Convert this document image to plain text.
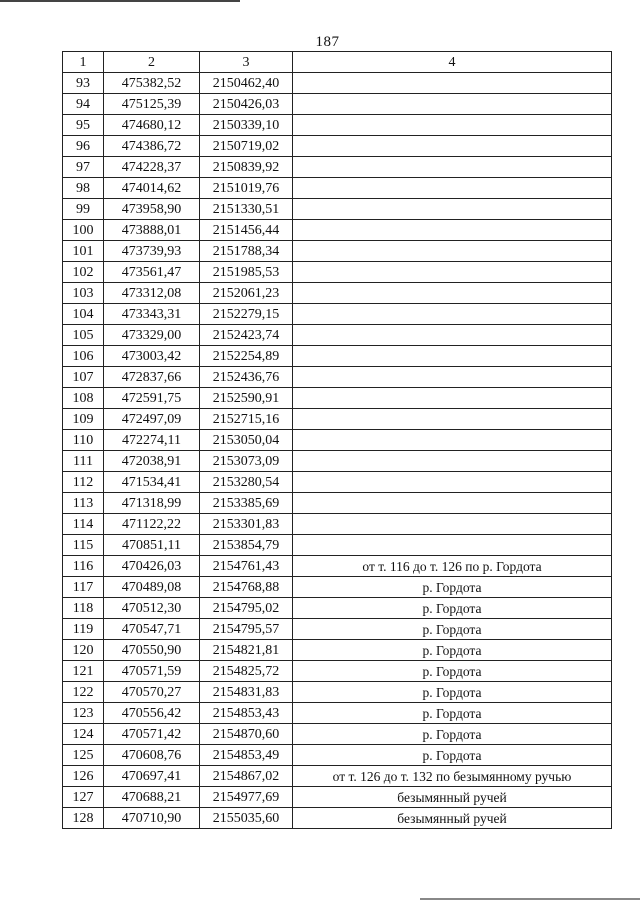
187
1	2	3	4
93	475382,52	2150462,40	
94	475125,39	2150426,03	
95	474680,12	2150339,10	
96	474386,72	2150719,02	
97	474228,37	2150839,92	
98	474014,62	2151019,76	
99	473958,90	2151330,51	
100	473888,01	2151456,44	
101	473739,93	2151788,34	
102	473561,47	2151985,53	
103	473312,08	2152061,23	
104	473343,31	2152279,15	
105	473329,00	2152423,74	
106	473003,42	2152254,89	
107	472837,66	2152436,76	
108	472591,75	2152590,91	
109	472497,09	2152715,16	
110	472274,11	2153050,04	
111	472038,91	2153073,09	
112	471534,41	2153280,54	
113	471318,99	2153385,69	
114	471122,22	2153301,83	
115	470851,11	2153854,79	
116	470426,03	2154761,43	от т. 116 до т. 126 по р. Гордота
117	470489,08	2154768,88	р. Гордота
118	470512,30	2154795,02	р. Гордота
119	470547,71	2154795,57	р. Гордота
120	470550,90	2154821,81	р. Гордота
121	470571,59	2154825,72	р. Гордота
122	470570,27	2154831,83	р. Гордота
123	470556,42	2154853,43	р. Гордота
124	470571,42	2154870,60	р. Гордота
125	470608,76	2154853,49	р. Гордота
126	470697,41	2154867,02	от т. 126 до т. 132 по безымянному ручью
127	470688,21	2154977,69	безымянный ручей
128	470710,90	2155035,60	безымянный ручей
